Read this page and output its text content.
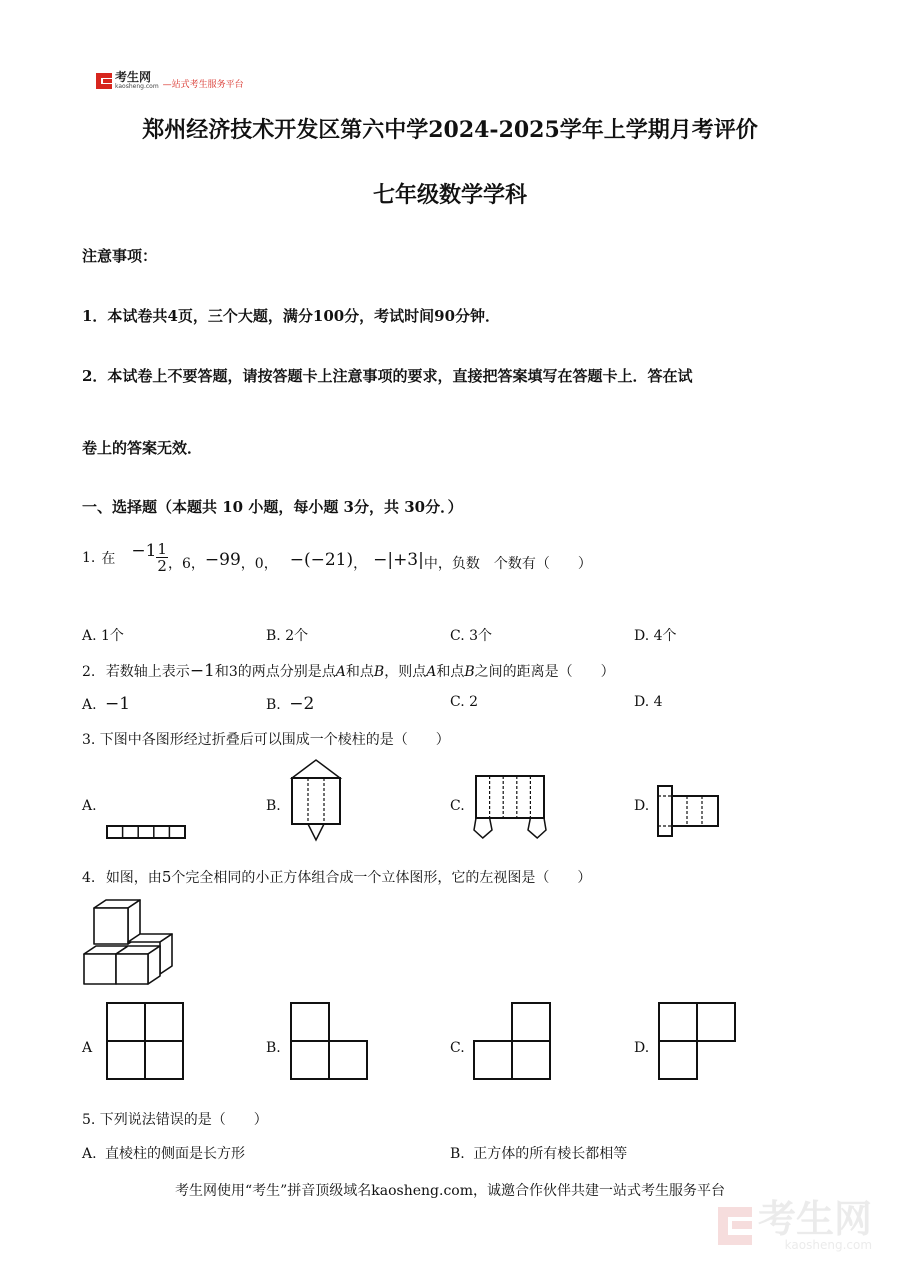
考生网
kaosheng.com —站式考生服务平台
郑州经济技术开发区第六中学2024-2025学年上学期月考评价
七年级数学学科
注意事项：
1．本试卷共4页，三个大题，满分100分，考试时间90分钟．
2．本试卷上不要答题，请按答题卡上注意事项的要求，直接把答案填写在答题卡上．答在试
卷上的答案无效．
一、选择题（本题共 10 小题，每小题 3分，共 30分．）
1. 在 $-1 \frac{1}{2}$ ，6， −99 ，0， −(−21) ， −|+3| 中，负数　个数有（　　）
A. 1个	B. 2个	C. 3个	D. 4个
2. 若数轴上表示−1和3的两点分别是点A和点B，则点A和点B之间的距离是（　　）
A. −1	B. −2	C. 2	D. 4
3. 下图中各图形经过折叠后可以围成一个棱柱的是（　　）
A.	B.	C.	D.
4. 如图，由5个完全相同的小正方体组合成一个立体图形，它的左视图是（　　）
A	B.	C.	D.
5. 下列说法错误的是（　　）
A. 直棱柱的侧面是长方形	B. 正方体的所有棱长都相等
考生网使用“考生”拼音顶级域名kaosheng.com，诚邀合作伙伴共建一站式考生服务平台
考生网
kaosheng.com
